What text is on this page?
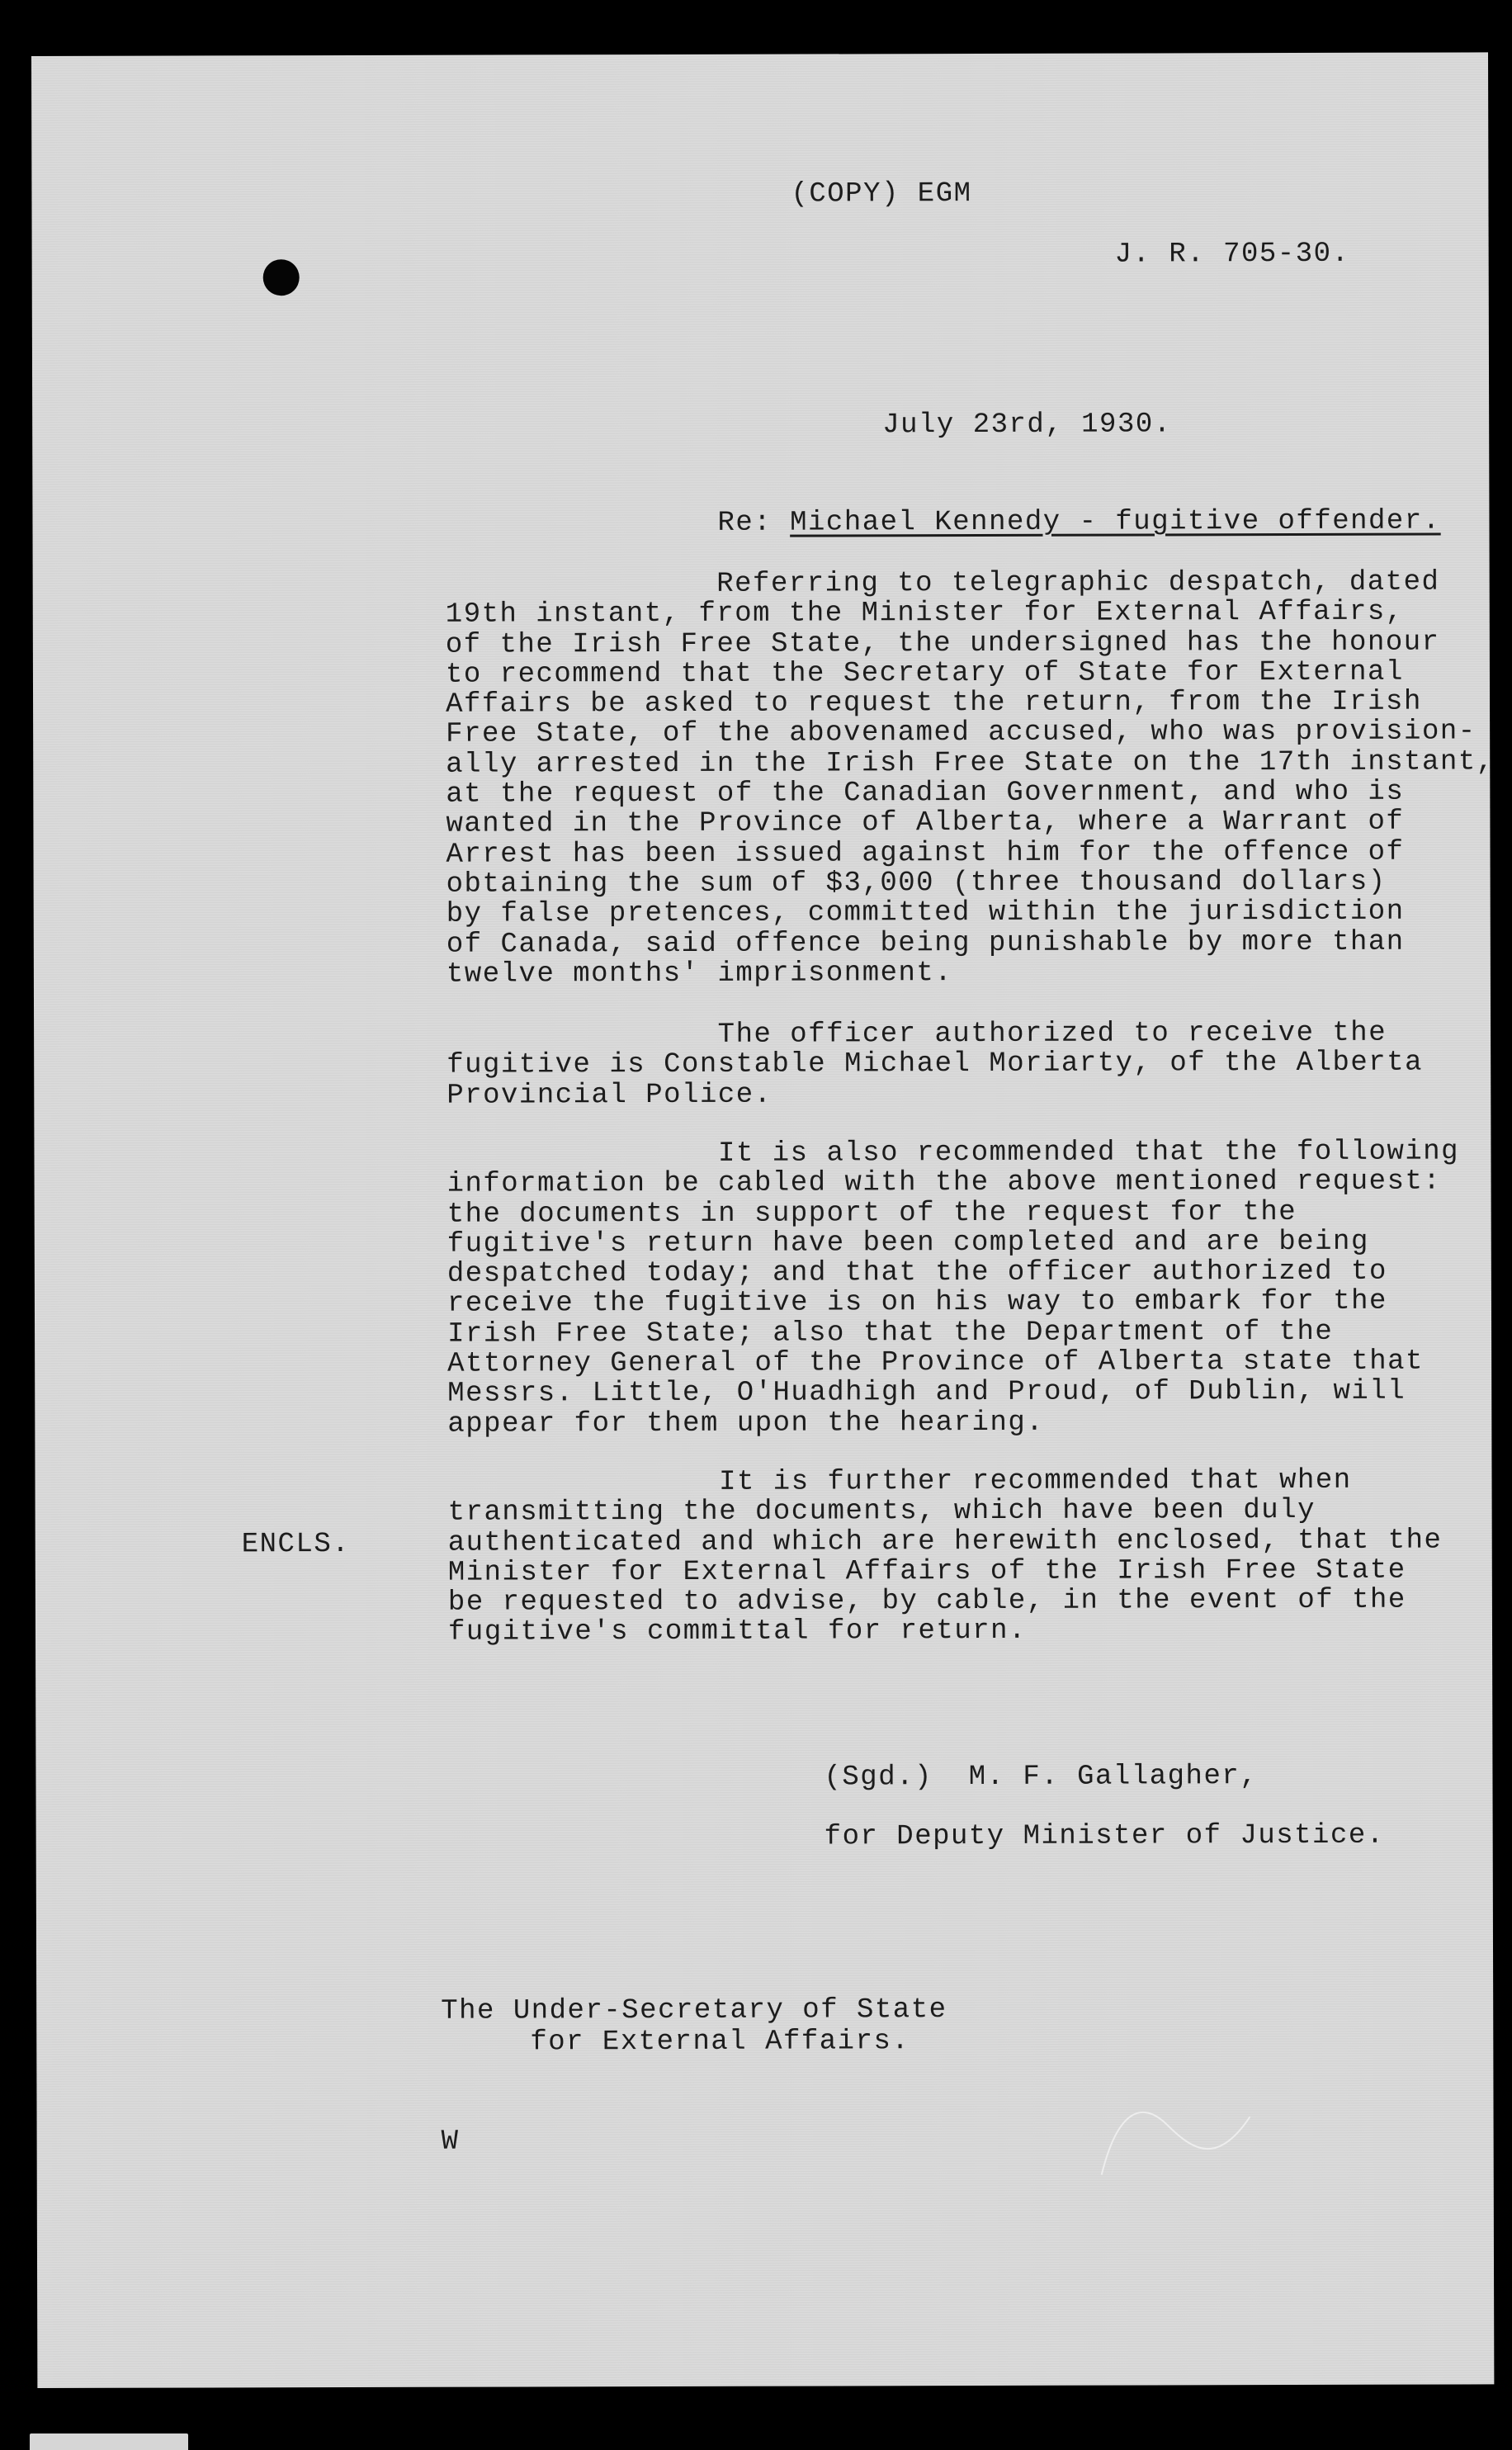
(COPY) EGM
J. R. 705-30.
July 23rd, 1930.
Re: Michael Kennedy - fugitive offender.
Referring to telegraphic despatch, dated
19th instant, from the Minister for External Affairs,
of the Irish Free State, the undersigned has the honour
to recommend that the Secretary of State for External
Affairs be asked to request the return, from the Irish
Free State, of the abovenamed accused, who was provision-
ally arrested in the Irish Free State on the 17th instant,
at the request of the Canadian Government, and who is
wanted in the Province of Alberta, where a Warrant of
Arrest has been issued against him for the offence of
obtaining the sum of $3,000 (three thousand dollars)
by false pretences, committed within the jurisdiction
of Canada, said offence being punishable by more than
twelve months' imprisonment.
The officer authorized to receive the
fugitive is Constable Michael Moriarty, of the Alberta
Provincial Police.
It is also recommended that the following
information be cabled with the above mentioned request:
the documents in support of the request for the
fugitive's return have been completed and are being
despatched today; and that the officer authorized to
receive the fugitive is on his way to embark for the
Irish Free State; also that the Department of the
Attorney General of the Province of Alberta state that
Messrs. Little, O'Huadhigh and Proud, of Dublin, will
appear for them upon the hearing.
It is further recommended that when
transmitting the documents, which have been duly
authenticated and which are herewith enclosed, that the
Minister for External Affairs of the Irish Free State
be requested to advise, by cable, in the event of the
fugitive's committal for return.
ENCLS.
(Sgd.)  M. F. Gallagher,
for Deputy Minister of Justice.
The Under-Secretary of State
for External Affairs.
W
